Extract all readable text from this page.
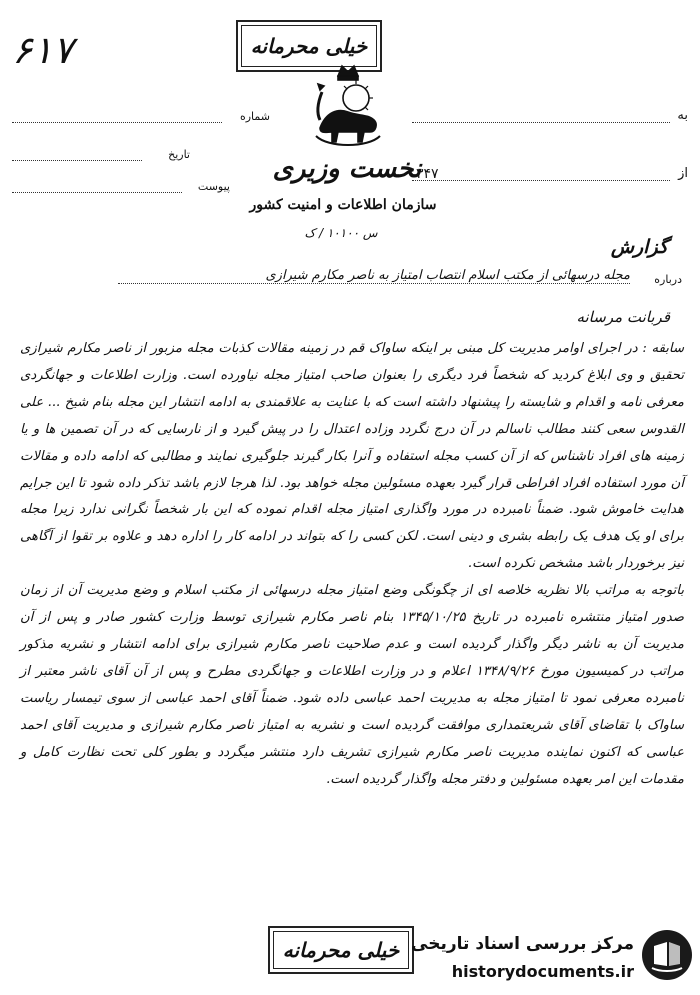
خیلی محرمانه
۶۱۷
شماره
تاریخ
پیوست
به
از
۳۴۷
نخست وزیری
سازمان اطلاعات و امنیت کشور
س ۱۰۱۰۰ / ک
گزارش
درباره
مجله درسهائی از مکتب اسلام انتصاب امتیاز به ناصر مکارم شیرازی
قربانت مرسانه

سابقه : در اجرای اوامر مدیریت کل مبنی بر اینکه ساواک قم در زمینه مقالات کذبات مجله مزبور از ناصر مکارم شیرازی تحقیق و وی ابلاغ کردید که شخصاً فرد دیگری را بعنوان صاحب امتیاز مجله نیاورده است. وزارت اطلاعات و جهانگردی معرفی نامه و اقدام و شایسته را پیشنهاد داشته است که با عنایت به علاقمندی به ادامه انتشار این مجله بنام شیخ ... علی القدوس سعی کنند مطالب ناسالم در آن درج نگردد وزاده اعتدال را در پیش گیرد و از نارسایی که در آن تصمین ها و یا زمینه های افراد ناشناس که از آن کسب مجله استفاده و آنرا بکار گیرند جلوگیری نمایند و مطالبی که ادامه داده و مقالات آن مورد استفاده افراد افراطی قرار گیرد بعهده مسئولین مجله خواهد بود. لذا هرجا لازم باشد تذکر داده شود تا این جرایم هدایت خاموش شود. ضمناً نامبرده در مورد واگذاری امتیاز مجله اقدام نموده که این بار شخصاً نگرانی ندارد زیرا مجله برای او یک هدف یک رابطه بشری و دینی است. لکن کسی را که بتواند در ادامه کار را اداره دهد و علاوه بر تقوا از آگاهی نیز برخوردار باشد مشخص نکرده است.

باتوجه به مراتب بالا نظریه خلاصه ای از چگونگی وضع امتیاز مجله درسهائی از مکتب اسلام و وضع مدیریت آن از زمان صدور امتیاز منتشره نامبرده در تاریخ ۱۳۴۵/۱۰/۲۵ بنام ناصر مکارم شیرازی توسط وزارت کشور صادر و پس از آن مدیریت آن به ناشر دیگر واگذار گردیده است و عدم صلاحیت ناصر مکارم شیرازی برای ادامه انتشار و نشریه مذکور مراتب در کمیسیون مورخ ۱۳۴۸/۹/۲۶ اعلام و در وزارت اطلاعات و جهانگردی مطرح و پس از آن آقای ناشر معتبر از نامبرده معرفی نمود تا امتیاز مجله به مدیریت احمد عباسی داده شود. ضمناً آقای احمد عباسی از سوی تیمسار ریاست ساواک با تقاضای آقای شریعتمداری موافقت گردیده است و نشریه به امتیاز ناصر مکارم شیرازی و مدیریت آقای احمد عباسی که اکنون نماینده مدیریت ناصر مکارم شیرازی تشریف دارد منتشر میگردد و بطور کلی تحت نظارت کامل و مقدمات این امر بعهده مسئولین و دفتر مجله واگذار گردیده است.

خیلی محرمانه مرکز بررسی اسناد تاریخی
historydocuments.ir
